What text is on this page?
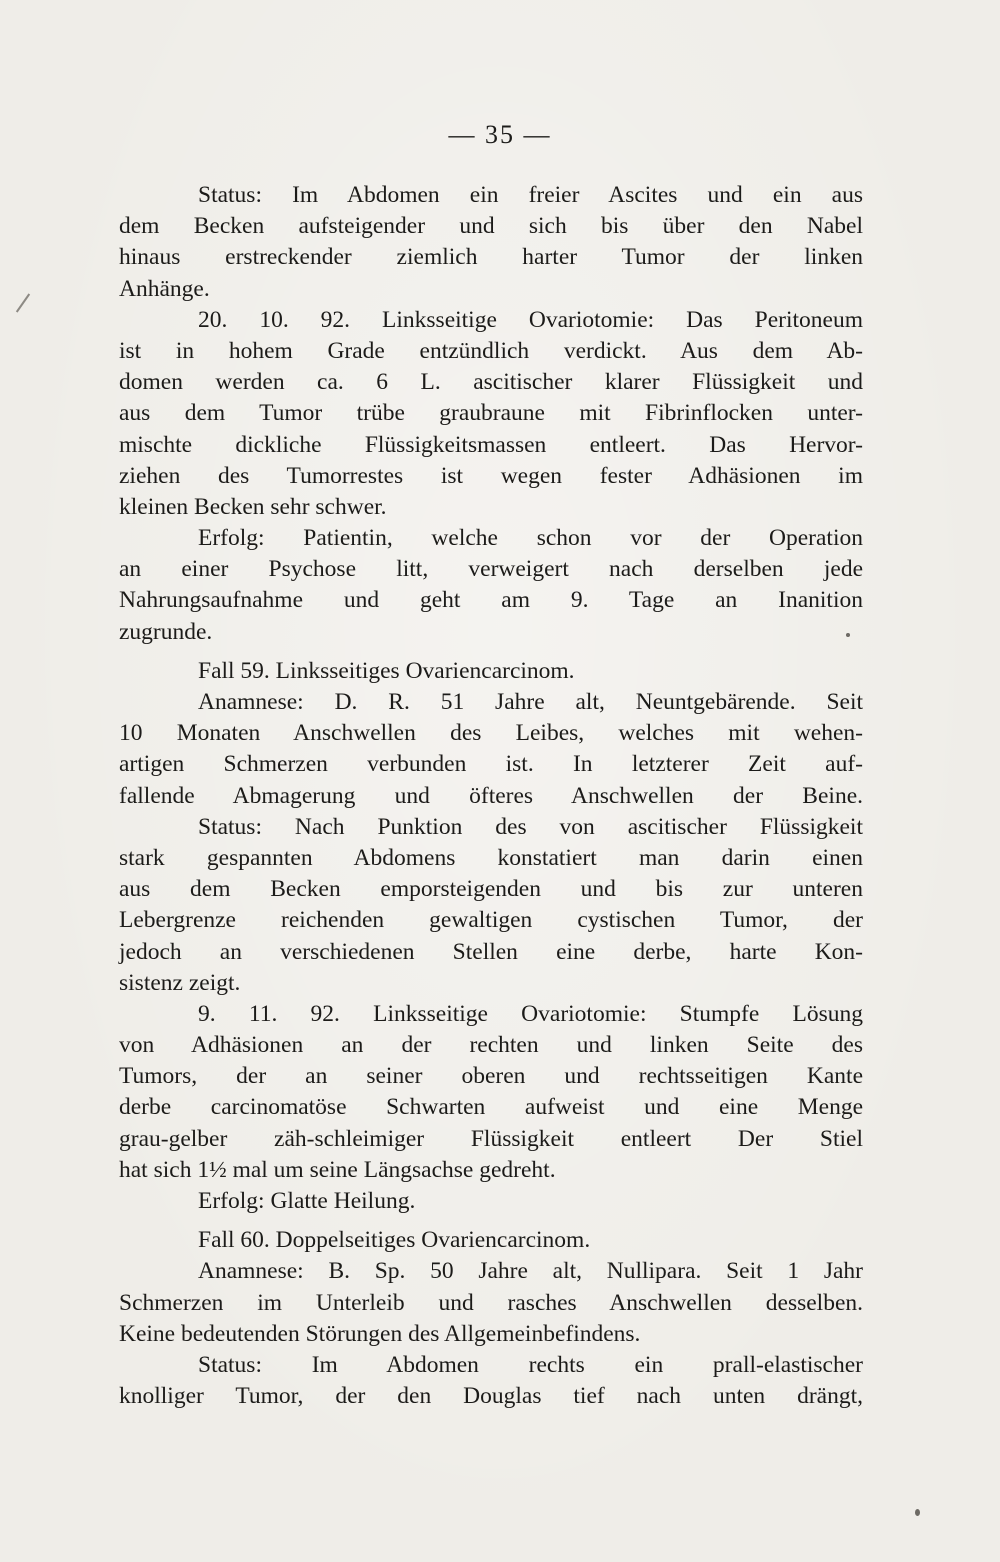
— 35 —
Status: Im Abdomen ein freier Ascites und ein aus
dem Becken aufsteigender und sich bis über den Nabel
hinaus erstreckender ziemlich harter Tumor der linken
Anhänge.
20. 10. 92. Linksseitige Ovariotomie: Das Peritoneum
ist in hohem Grade entzündlich verdickt. Aus dem Ab-
domen werden ca. 6 L. ascitischer klarer Flüssigkeit und
aus dem Tumor trübe graubraune mit Fibrinflocken unter-
mischte dickliche Flüssigkeitsmassen entleert. Das Hervor-
ziehen des Tumorrestes ist wegen fester Adhäsionen im
kleinen Becken sehr schwer.
Erfolg: Patientin, welche schon vor der Operation
an einer Psychose litt, verweigert nach derselben jede
Nahrungsaufnahme und geht am 9. Tage an Inanition
zugrunde.
Fall 59. Linksseitiges Ovariencarcinom.
Anamnese: D. R. 51 Jahre alt, Neuntgebärende. Seit
10 Monaten Anschwellen des Leibes, welches mit wehen-
artigen Schmerzen verbunden ist. In letzterer Zeit auf-
fallende Abmagerung und öfteres Anschwellen der Beine.
Status: Nach Punktion des von ascitischer Flüssigkeit
stark gespannten Abdomens konstatiert man darin einen
aus dem Becken emporsteigenden und bis zur unteren
Lebergrenze reichenden gewaltigen cystischen Tumor, der
jedoch an verschiedenen Stellen eine derbe, harte Kon-
sistenz zeigt.
9. 11. 92. Linksseitige Ovariotomie: Stumpfe Lösung
von Adhäsionen an der rechten und linken Seite des
Tumors, der an seiner oberen und rechtsseitigen Kante
derbe carcinomatöse Schwarten aufweist und eine Menge
grau-gelber zäh-schleimiger Flüssigkeit entleert Der Stiel
hat sich 1½ mal um seine Längsachse gedreht.
Erfolg: Glatte Heilung.
Fall 60. Doppelseitiges Ovariencarcinom.
Anamnese: B. Sp. 50 Jahre alt, Nullipara. Seit 1 Jahr
Schmerzen im Unterleib und rasches Anschwellen desselben.
Keine bedeutenden Störungen des Allgemeinbefindens.
Status: Im Abdomen rechts ein prall-elastischer
knolliger Tumor, der den Douglas tief nach unten drängt,
